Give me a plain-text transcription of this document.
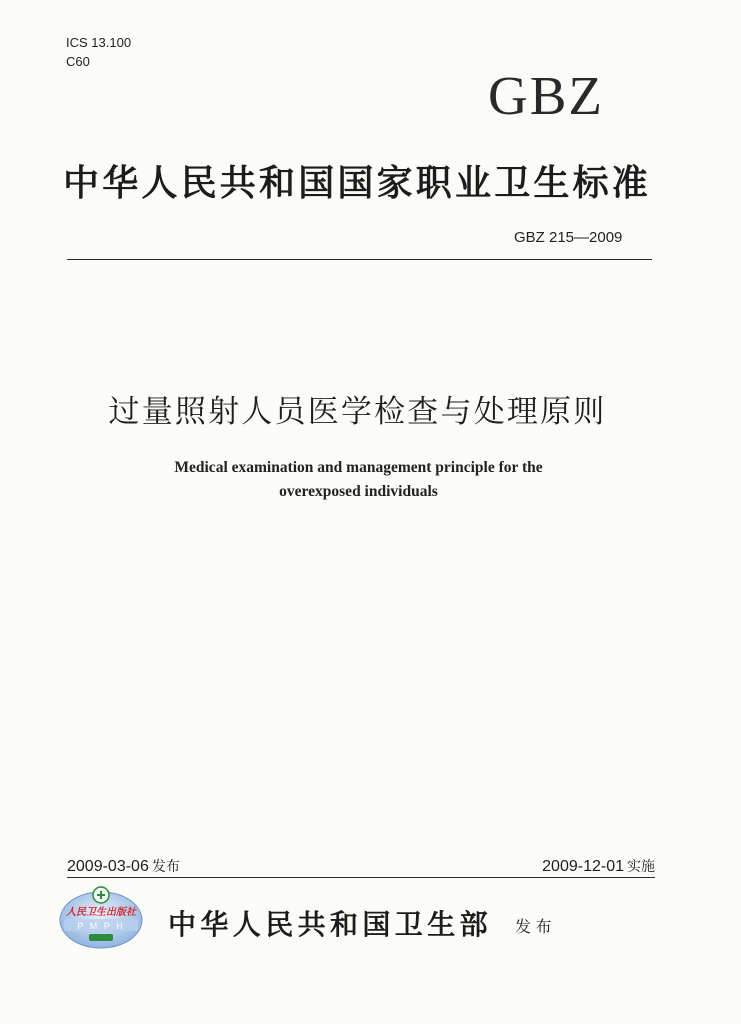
ICS 13.100
C60
GBZ
中华人民共和国国家职业卫生标准
GBZ 215—2009
过量照射人员医学检查与处理原则
Medical examination and management principle for the
overexposed individuals
2009-03-06 发布	2009-12-01 实施
人民卫生出版社
P M P H 中华人民共和国卫生部 发 布
